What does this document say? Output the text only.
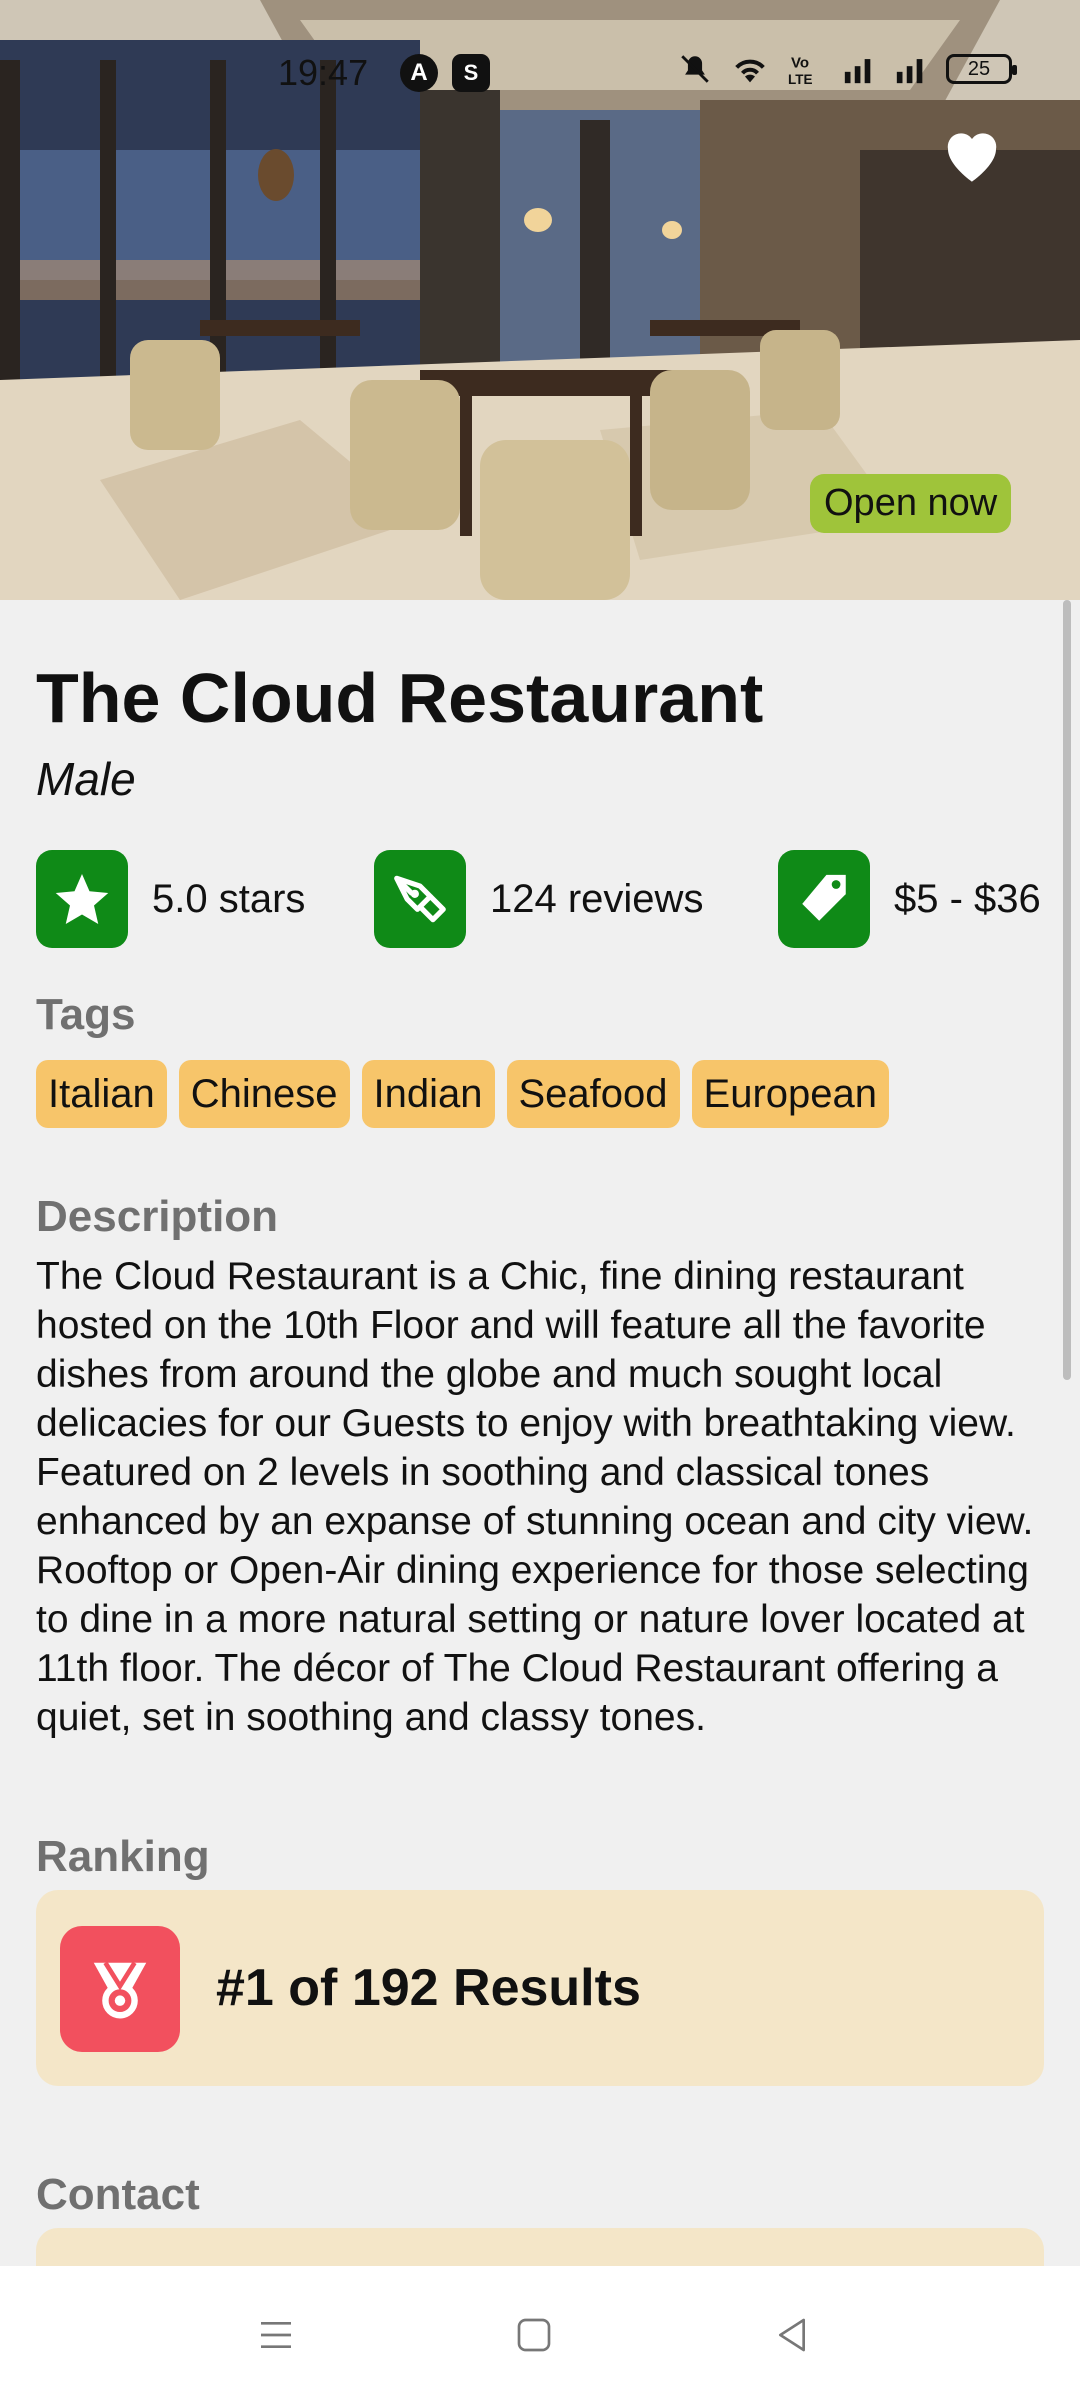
19:47	A	S	Vo
LTE	25
Open now
The Cloud Restaurant
Male
5.0 stars	124 reviews	$5 - $36
Tags
Italian Chinese Indian Seafood European
Description
The Cloud Restaurant is a Chic, fine dining restaurant hosted on the 10th Floor and will feature all the favorite dishes from around the globe and much sought local delicacies for our Guests to enjoy with breathtaking view. Featured on 2 levels in soothing and classical tones enhanced by an expanse of stunning ocean and city view. Rooftop or Open-Air dining experience for those selecting to dine in a more natural setting or nature lover located at 11th floor. The décor of The Cloud Restaurant offering a quiet, set in soothing and classy tones.
Ranking
#1 of 192 Results
Contact
